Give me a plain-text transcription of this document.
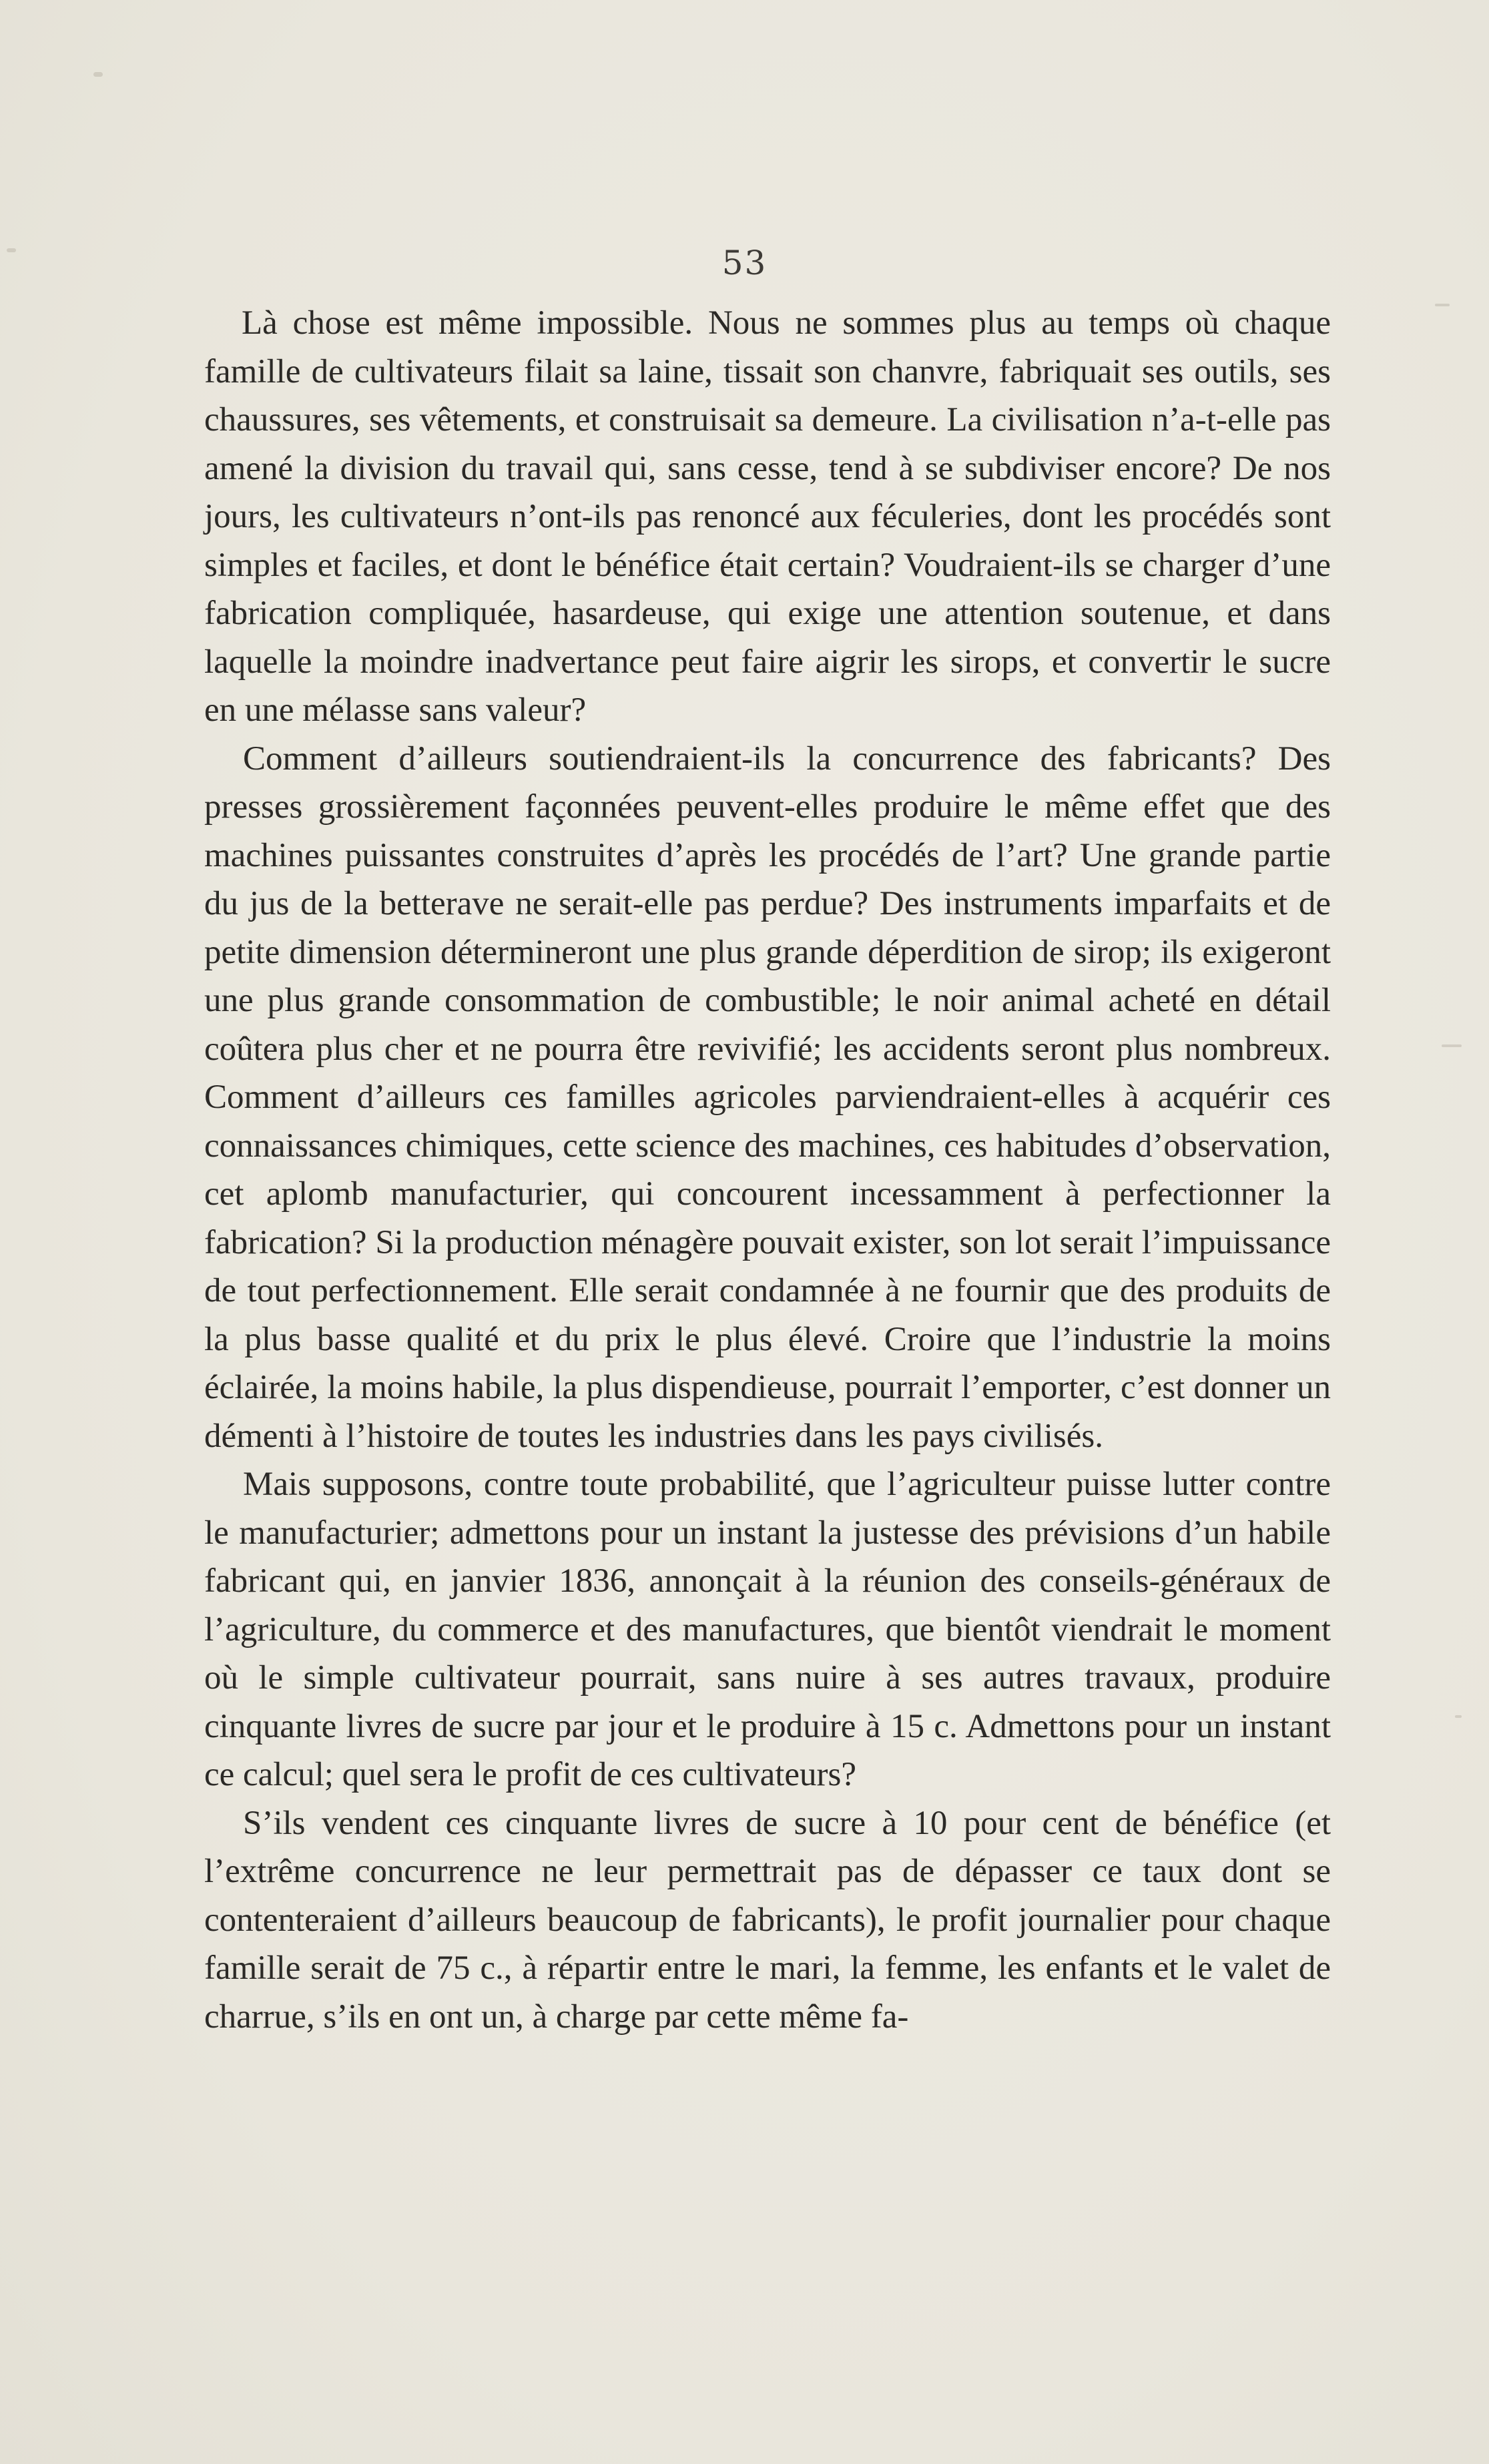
53

Là chose est même impossible. Nous ne sommes plus au temps où chaque famille de cultivateurs filait sa laine, tissait son chanvre, fabriquait ses outils, ses chaussures, ses vêtements, et construisait sa demeure. La civilisation n’a-t-elle pas amené la division du travail qui, sans cesse, tend à se subdiviser encore? De nos jours, les cultivateurs n’ont-ils pas renoncé aux féculeries, dont les procédés sont simples et faciles, et dont le bénéfice était certain? Voudraient-ils se charger d’une fabrication compliquée, hasardeuse, qui exige une attention soutenue, et dans laquelle la moindre inadvertance peut faire aigrir les sirops, et convertir le sucre en une mélasse sans valeur?

Comment d’ailleurs soutiendraient-ils la concurrence des fabricants? Des presses grossièrement façonnées peuvent-elles produire le même effet que des machines puissantes construites d’après les procédés de l’art? Une grande partie du jus de la betterave ne serait-elle pas perdue? Des instruments imparfaits et de petite dimension détermineront une plus grande déperdition de sirop; ils exigeront une plus grande consommation de combustible; le noir animal acheté en détail coûtera plus cher et ne pourra être revivifié; les accidents seront plus nombreux. Comment d’ailleurs ces familles agricoles parviendraient-elles à acquérir ces connaissances chimiques, cette science des machines, ces habitudes d’observation, cet aplomb manufacturier, qui concourent incessamment à perfectionner la fabrication? Si la production ménagère pouvait exister, son lot serait l’impuissance de tout perfectionnement. Elle serait condamnée à ne fournir que des produits de la plus basse qualité et du prix le plus élevé. Croire que l’industrie la moins éclairée, la moins habile, la plus dispendieuse, pourrait l’emporter, c’est donner un démenti à l’histoire de toutes les industries dans les pays civilisés.

Mais supposons, contre toute probabilité, que l’agriculteur puisse lutter contre le manufacturier; admettons pour un instant la justesse des prévisions d’un habile fabricant qui, en janvier 1836, annonçait à la réunion des conseils-généraux de l’agriculture, du commerce et des manufactures, que bientôt viendrait le moment où le simple cultivateur pourrait, sans nuire à ses autres travaux, produire cinquante livres de sucre par jour et le produire à 15 c. Admettons pour un instant ce calcul; quel sera le profit de ces cultivateurs?

S’ils vendent ces cinquante livres de sucre à 10 pour cent de bénéfice (et l’extrême concurrence ne leur permettrait pas de dépasser ce taux dont se contenteraient d’ailleurs beaucoup de fabricants), le profit journalier pour chaque famille serait de 75 c., à répartir entre le mari, la femme, les enfants et le valet de charrue, s’ils en ont un, à charge par cette même fa-
